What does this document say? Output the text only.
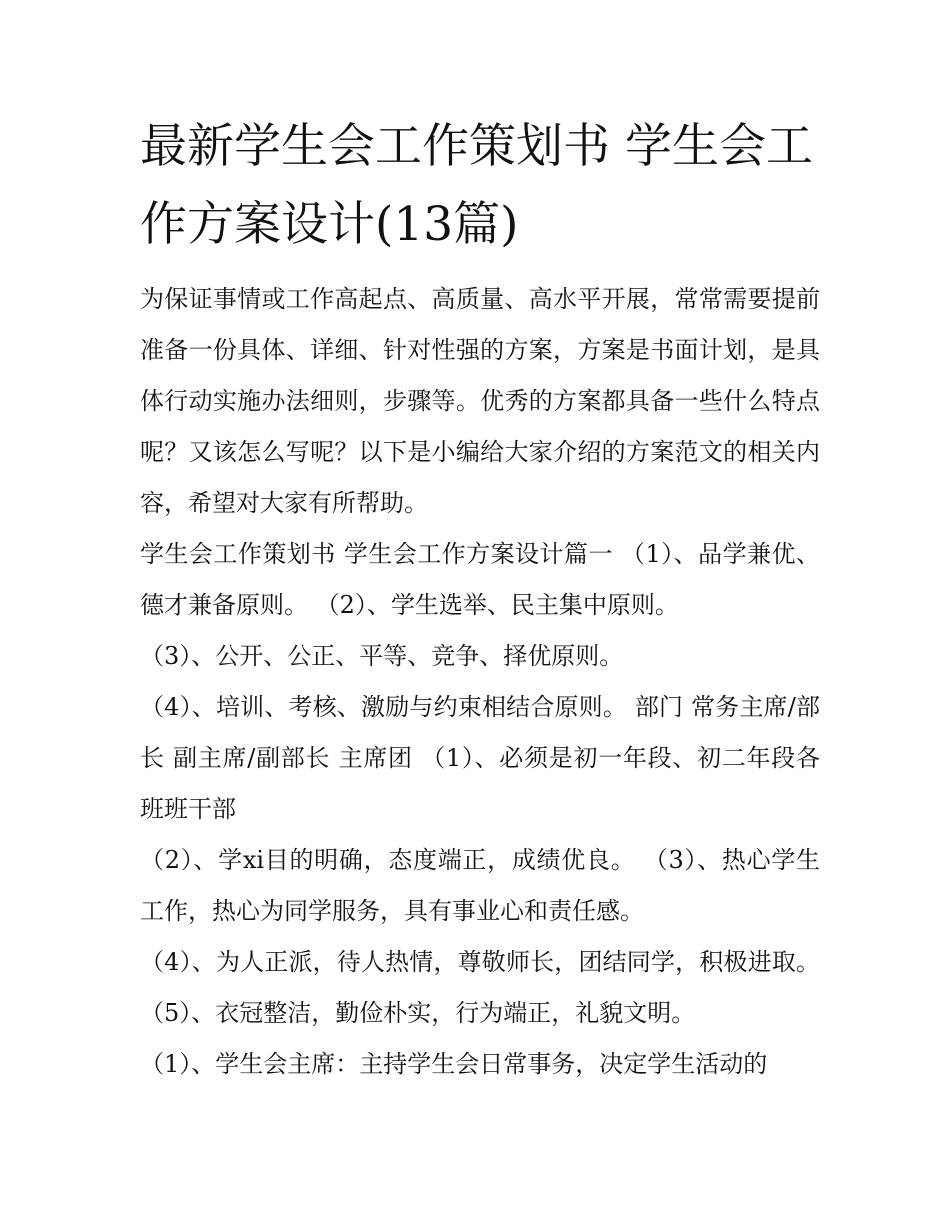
最新学生会工作策划书 学生会工作方案设计(13篇)

为保证事情或工作高起点、高质量、高水平开展，常常需要提前准备一份具体、详细、针对性强的方案，方案是书面计划，是具体行动实施办法细则，步骤等。优秀的方案都具备一些什么特点呢？又该怎么写呢？以下是小编给大家介绍的方案范文的相关内容，希望对大家有所帮助。

学生会工作策划书 学生会工作方案设计篇一 （1）、品学兼优、德才兼备原则。 （2）、学生选举、民主集中原则。

（3）、公开、公正、平等、竞争、择优原则。

（4）、培训、考核、激励与约束相结合原则。 部门 常务主席/部长 副主席/副部长 主席团 （1）、必须是初一年段、初二年段各班班干部

（2）、学xi目的明确，态度端正，成绩优良。 （3）、热心学生工作，热心为同学服务，具有事业心和责任感。

（4）、为人正派，待人热情，尊敬师长，团结同学，积极进取。 （5）、衣冠整洁，勤俭朴实，行为端正，礼貌文明。

（1）、学生会主席：主持学生会日常事务，决定学生活动的
